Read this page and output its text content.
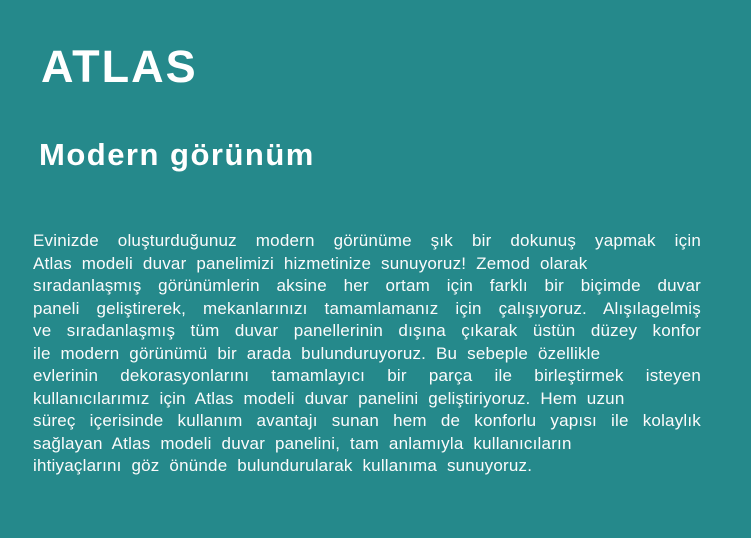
ATLAS
Modern görünüm
Evinizde oluşturduğunuz modern görünüme şık bir dokunuş yapmak için
Atlas modeli duvar panelimizi hizmetinize sunuyoruz! Zemod olarak
sıradanlaşmış görünümlerin aksine her ortam için farklı bir biçimde duvar
paneli geliştirerek, mekanlarınızı tamamlamanız için çalışıyoruz. Alışılagelmiş
ve sıradanlaşmış tüm duvar panellerinin dışına çıkarak üstün düzey konfor
ile modern görünümü bir arada bulunduruyoruz. Bu sebeple özellikle
evlerinin dekorasyonlarını tamamlayıcı bir parça ile birleştirmek isteyen
kullanıcılarımız için Atlas modeli duvar panelini geliştiriyoruz. Hem uzun
süreç içerisinde kullanım avantajı sunan hem de konforlu yapısı ile kolaylık
sağlayan Atlas modeli duvar panelini, tam anlamıyla kullanıcıların
ihtiyaçlarını göz önünde bulundurularak kullanıma sunuyoruz.
